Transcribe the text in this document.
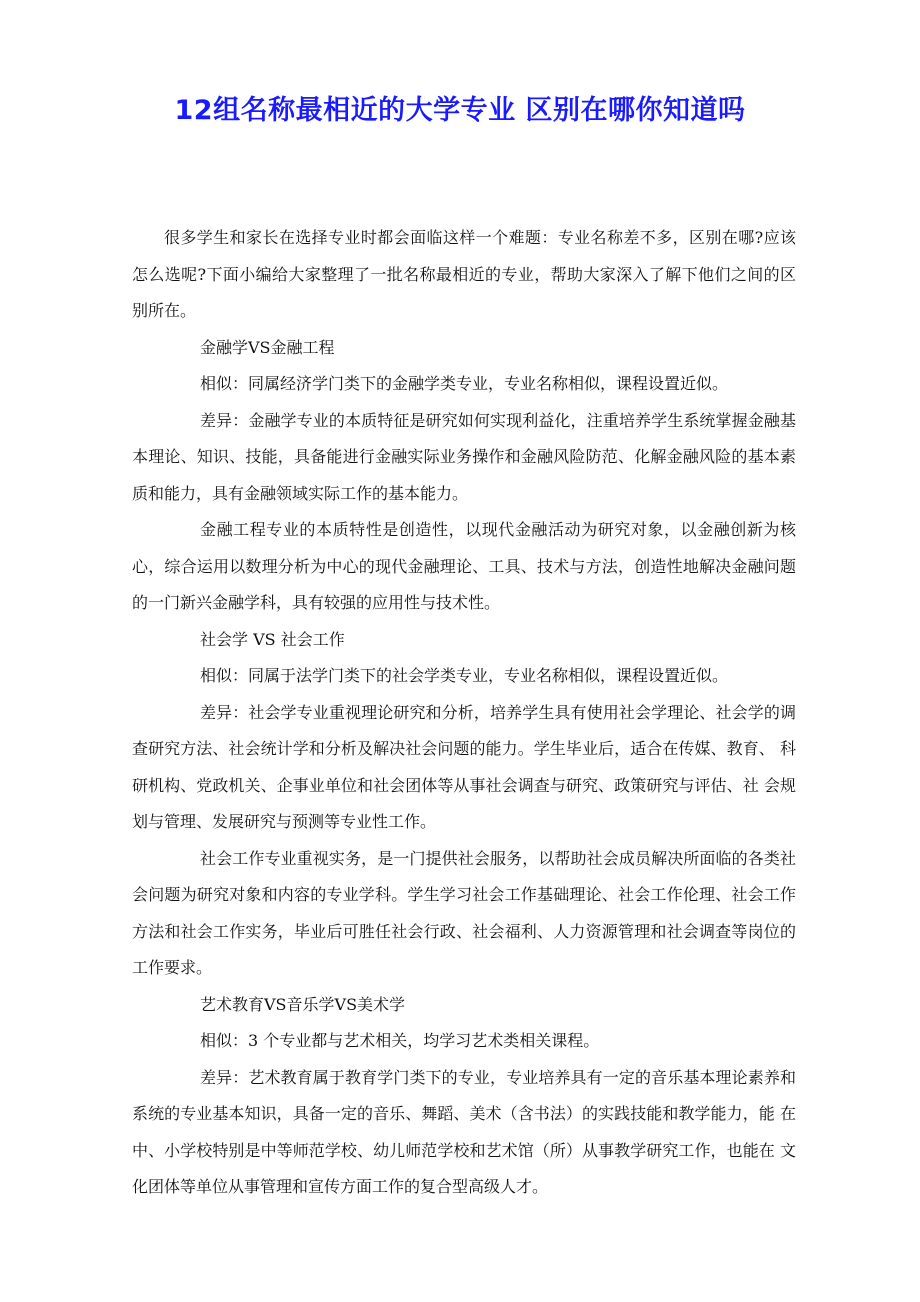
12组名称最相近的大学专业 区别在哪你知道吗

很多学生和家长在选择专业时都会面临这样一个难题：专业名称差不多，区别在哪?应该 怎么选呢?下面小编给大家整理了一批名称最相近的专业，帮助大家深入了解下他们之间的区 别所在。

金融学VS金融工程

相似：同属经济学门类下的金融学类专业，专业名称相似，课程设置近似。

差异：金融学专业的本质特征是研究如何实现利益化，注重培养学生系统掌握金融基本理论、知识、技能，具备能进行金融实际业务操作和金融风险防范、化解金融风险的基本素质和能力，具有金融领域实际工作的基本能力。

金融工程专业的本质特性是创造性，以现代金融活动为研究对象，以金融创新为核心，综合运用以数理分析为中心的现代金融理论、工具、技术与方法，创造性地解决金融问题的一门新兴金融学科，具有较强的应用性与技术性。

社会学 VS 社会工作

相似：同属于法学门类下的社会学类专业，专业名称相似，课程设置近似。

差异：社会学专业重视理论研究和分析，培养学生具有使用社会学理论、社会学的调查研究方法、社会统计学和分析及解决社会问题的能力。学生毕业后，适合在传媒、教育、 科研机构、党政机关、企事业单位和社会团体等从事社会调查与研究、政策研究与评估、社 会规划与管理、发展研究与预测等专业性工作。

社会工作专业重视实务，是一门提供社会服务，以帮助社会成员解决所面临的各类社会问题为研究对象和内容的专业学科。学生学习社会工作基础理论、社会工作伦理、社会工作方法和社会工作实务，毕业后可胜任社会行政、社会福利、人力资源管理和社会调查等岗位的工作要求。

艺术教育VS音乐学VS美术学

相似：3 个专业都与艺术相关，均学习艺术类相关课程。

差异：艺术教育属于教育学门类下的专业，专业培养具有一定的音乐基本理论素养和系统的专业基本知识，具备一定的音乐、舞蹈、美术（含书法）的实践技能和教学能力，能 在中、小学校特别是中等师范学校、幼儿师范学校和艺术馆（所）从事教学研究工作，也能在 文化团体等单位从事管理和宣传方面工作的复合型高级人才。
